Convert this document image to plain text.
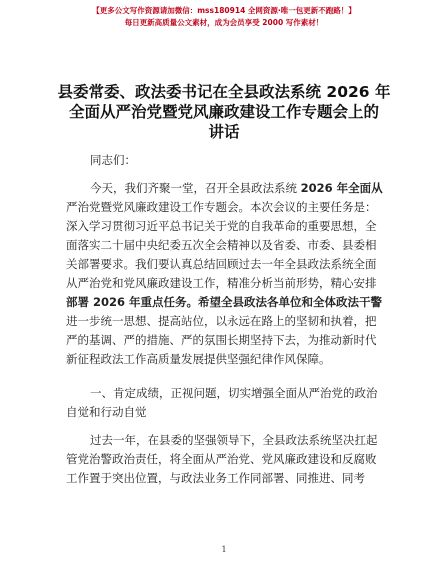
【更多公文写作资源请加微信：mss180914 全网资源·唯一包更新不跑路！】
每日更新高质量公文素材，成为会员享受 2000 写作素材！
县委常委、政法委书记在全县政法系统 2026 年
全面从严治党暨党风廉政建设工作专题会上的
讲话
同志们：
今天，我们齐聚一堂，召开全县政法系统 2026 年全面从
严治党暨党风廉政建设工作专题会。本次会议的主要任务是：
深入学习贯彻习近平总书记关于党的自我革命的重要思想，全
面落实二十届中央纪委五次全会精神以及省委、市委、县委相
关部署要求。我们要认真总结回顾过去一年全县政法系统全面
从严治党和党风廉政建设工作，精准分析当前形势，精心安排
部署 2026 年重点任务。希望全县政法各单位和全体政法干警
进一步统一思想、提高站位，以永远在路上的坚韧和执着，把
严的基调、严的措施、严的氛围长期坚持下去，为推动新时代
新征程政法工作高质量发展提供坚强纪律作风保障。
一、肯定成绩，正视问题，切实增强全面从严治党的政治
自觉和行动自觉
过去一年，在县委的坚强领导下，全县政法系统坚决扛起
管党治警政治责任，将全面从严治党、党风廉政建设和反腐败
工作置于突出位置，与政法业务工作同部署、同推进、同考
1
